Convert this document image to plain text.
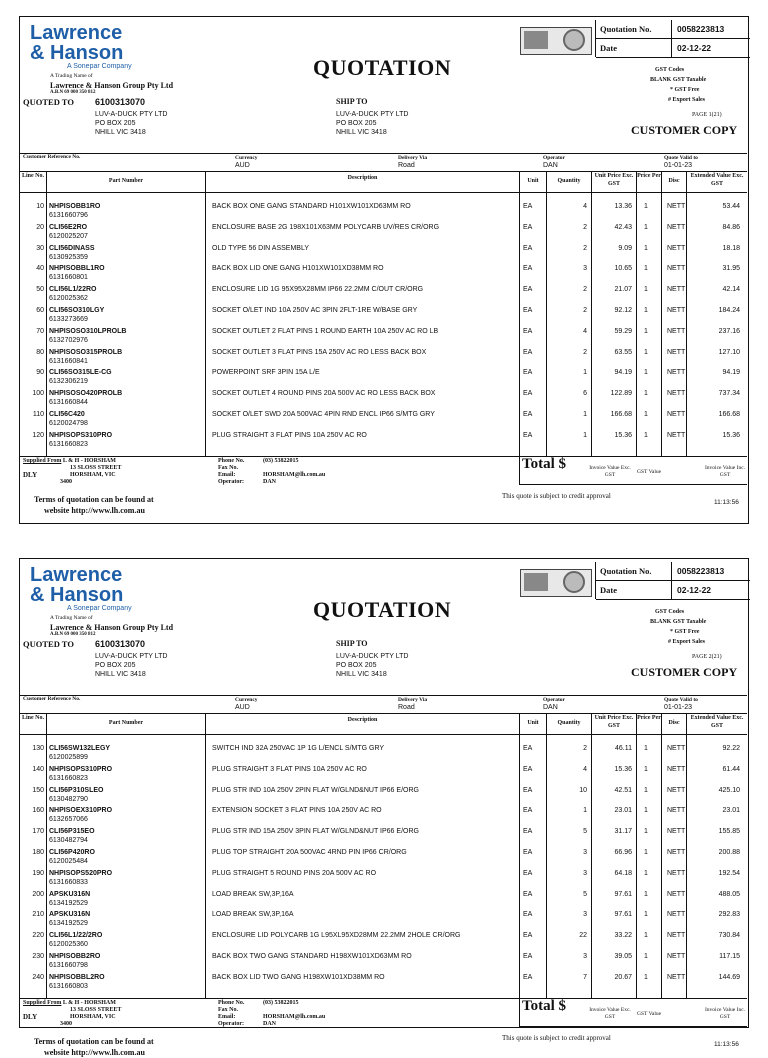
Lawrence
& Hanson
A Sonepar Company
A Trading Name of
Lawrence & Hanson Group Pty Ltd
A.B.N 69 000 350 812
QUOTATION
QUOTED TO 6100313070
LUV-A-DUCK PTY LTD
PO BOX 205
NHILL VIC 3418
SHIP TO
LUV-A-DUCK PTY LTD
PO BOX 205
NHILL VIC 3418
Quotation No.	0058223813
Date	02-12-22
GST Codes
BLANK GST Taxable
* GST Free
# Export Sales
PAGE 1(21)
CUSTOMER COPY
Customer Reference No.	Currency
AUD
Delivery Via
Road
Operator
DAN
Quote Valid to
01-01-23
Line No.
Part Number	Description	Unit	Quantity
Unit Price Exc. GST
Price Per
Disc
Extended Value Exc. GST
10 NHPISOBB1RO
6131660796
BACK BOX ONE GANG STANDARD H101XW101XD63MM RO	EA	4	13.36 1	NETT	53.44
20 CLI56E2RO
6120025207
ENCLOSURE BASE 2G 198X101X63MM POLYCARB UV/RES CR/ORG	EA	2	42.43 1	NETT	84.86
30 CLI56DINASS
6130925359
OLD TYPE 56 DIN ASSEMBLY	EA	2	9.09 1	NETT	18.18
40 NHPISOBBL1RO
6131660801
BACK BOX LID ONE GANG H101XW101XD38MM RO	EA	3	10.65 1	NETT	31.95
50 CLI56L1/22RO
6120025362
ENCLOSURE LID 1G 95X95X28MM IP66 22.2MM C/OUT CR/ORG	EA	2	21.07 1	NETT	42.14
60 CLI56SO310LGY
6133273669
SOCKET O/LET IND 10A 250V AC 3PIN 2FLT-1RE W/BASE GRY	EA	2	92.12 1	NETT	184.24
70 NHPISOSO310LPROLB
6132702976
SOCKET OUTLET 2 FLAT PINS 1 ROUND EARTH 10A 250V AC RO LB	EA	4	59.29 1	NETT	237.16
80 NHPISOSO315PROLB
6131660841
SOCKET OUTLET 3 FLAT PINS 15A 250V AC RO LESS BACK BOX	EA	2	63.55 1	NETT	127.10
90 CLI56SO315LE-CG
6132306219
POWERPOINT SRF 3PIN 15A L/E	EA	1	94.19 1	NETT	94.19
100 NHPISOSO420PROLB
6131660844
SOCKET OUTLET 4 ROUND PINS 20A 500V AC RO LESS BACK BOX	EA	6	122.89 1	NETT	737.34
110 CLI56C420
6120024798
SOCKET O/LET SWD 20A 500VAC 4PIN RND ENCL IP66 S/MTG GRY	EA	1	166.68 1	NETT	166.68
120 NHPISOPS310PRO
6131660823
PLUG STRAIGHT 3 FLAT PINS 10A 250V AC RO	EA	1	15.36 1	NETT	15.36
Supplied From L & H - HORSHAM
13 SLOSS STREET
DLY	HORSHAM, VIC
3400
Phone No.
Fax No.
Email:
Operator:
(03) 53822015

HORSHAM@lh.com.au
DAN
Total $	Invoice Value Exc. GST	GST Value
Invoice Value Inc. GST
Terms of quotation can be found at
website http://www.lh.com.au
This quote is subject to credit approval
11:13:56
Lawrence
& Hanson
A Sonepar Company
A Trading Name of
Lawrence & Hanson Group Pty Ltd
A.B.N 69 000 350 812
QUOTATION
QUOTED TO 6100313070
LUV-A-DUCK PTY LTD
PO BOX 205
NHILL VIC 3418
SHIP TO
LUV-A-DUCK PTY LTD
PO BOX 205
NHILL VIC 3418
Quotation No.	0058223813
Date	02-12-22
GST Codes
BLANK GST Taxable
* GST Free
# Export Sales
PAGE 2(21)
CUSTOMER COPY
Customer Reference No.	Currency
AUD
Delivery Via
Road
Operator
DAN
Quote Valid to
01-01-23
Line No.
Part Number	Description	Unit	Quantity
Unit Price Exc. GST
Price Per
Disc
Extended Value Exc. GST
130 CLI56SW132LEGY
6120025899
SWITCH IND 32A 250VAC 1P 1G L/ENCL S/MTG GRY	EA	2	46.11 1	NETT	92.22
140 NHPISOPS310PRO
6131660823
PLUG STRAIGHT 3 FLAT PINS 10A 250V AC RO	EA	4	15.36 1	NETT	61.44
150 CLI56P310SLEO
6130482790
PLUG STR IND 10A 250V 2PIN FLAT W/GLND&NUT IP66 E/ORG	EA	10	42.51 1	NETT	425.10
160 NHPISOEX310PRO
6132657066
EXTENSION SOCKET 3 FLAT PINS 10A 250V AC RO	EA	1	23.01 1	NETT	23.01
170 CLI56P315EO
6130482794
PLUG STR IND 15A 250V 3PIN FLAT W/GLND&NUT IP66 E/ORG	EA	5	31.17 1	NETT	155.85
180 CLI56P420RO
6120025484
PLUG TOP STRAIGHT 20A 500VAC 4RND PIN IP66 CR/ORG	EA	3	66.96 1	NETT	200.88
190 NHPISOPS520PRO
6131660833
PLUG STRAIGHT 5 ROUND PINS 20A 500V AC RO	EA	3	64.18 1	NETT	192.54
200 APSKU316N
6134192529
LOAD BREAK SW,3P,16A	EA	5	97.61 1	NETT	488.05
210 APSKU316N
6134192529
LOAD BREAK SW,3P,16A	EA	3	97.61 1	NETT	292.83
220 CLI56L1/22/2RO
6120025360
ENCLOSURE LID POLYCARB 1G L95XL95XD28MM 22.2MM 2HOLE CR/ORG	EA	22	33.22 1	NETT	730.84
230 NHPISOBB2RO
6131660798
BACK BOX TWO GANG STANDARD H198XW101XD63MM RO	EA	3	39.05 1	NETT	117.15
240 NHPISOBBL2RO
6131660803
BACK BOX LID TWO GANG H198XW101XD38MM RO	EA	7	20.67 1	NETT	144.69
Supplied From L & H - HORSHAM
13 SLOSS STREET
DLY	HORSHAM, VIC
3400
Phone No.
Fax No.
Email:
Operator:
(03) 53822015

HORSHAM@lh.com.au
DAN
Total $	Invoice Value Exc. GST	GST Value
Invoice Value Inc. GST
Terms of quotation can be found at
website http://www.lh.com.au
This quote is subject to credit approval
11:13:56
